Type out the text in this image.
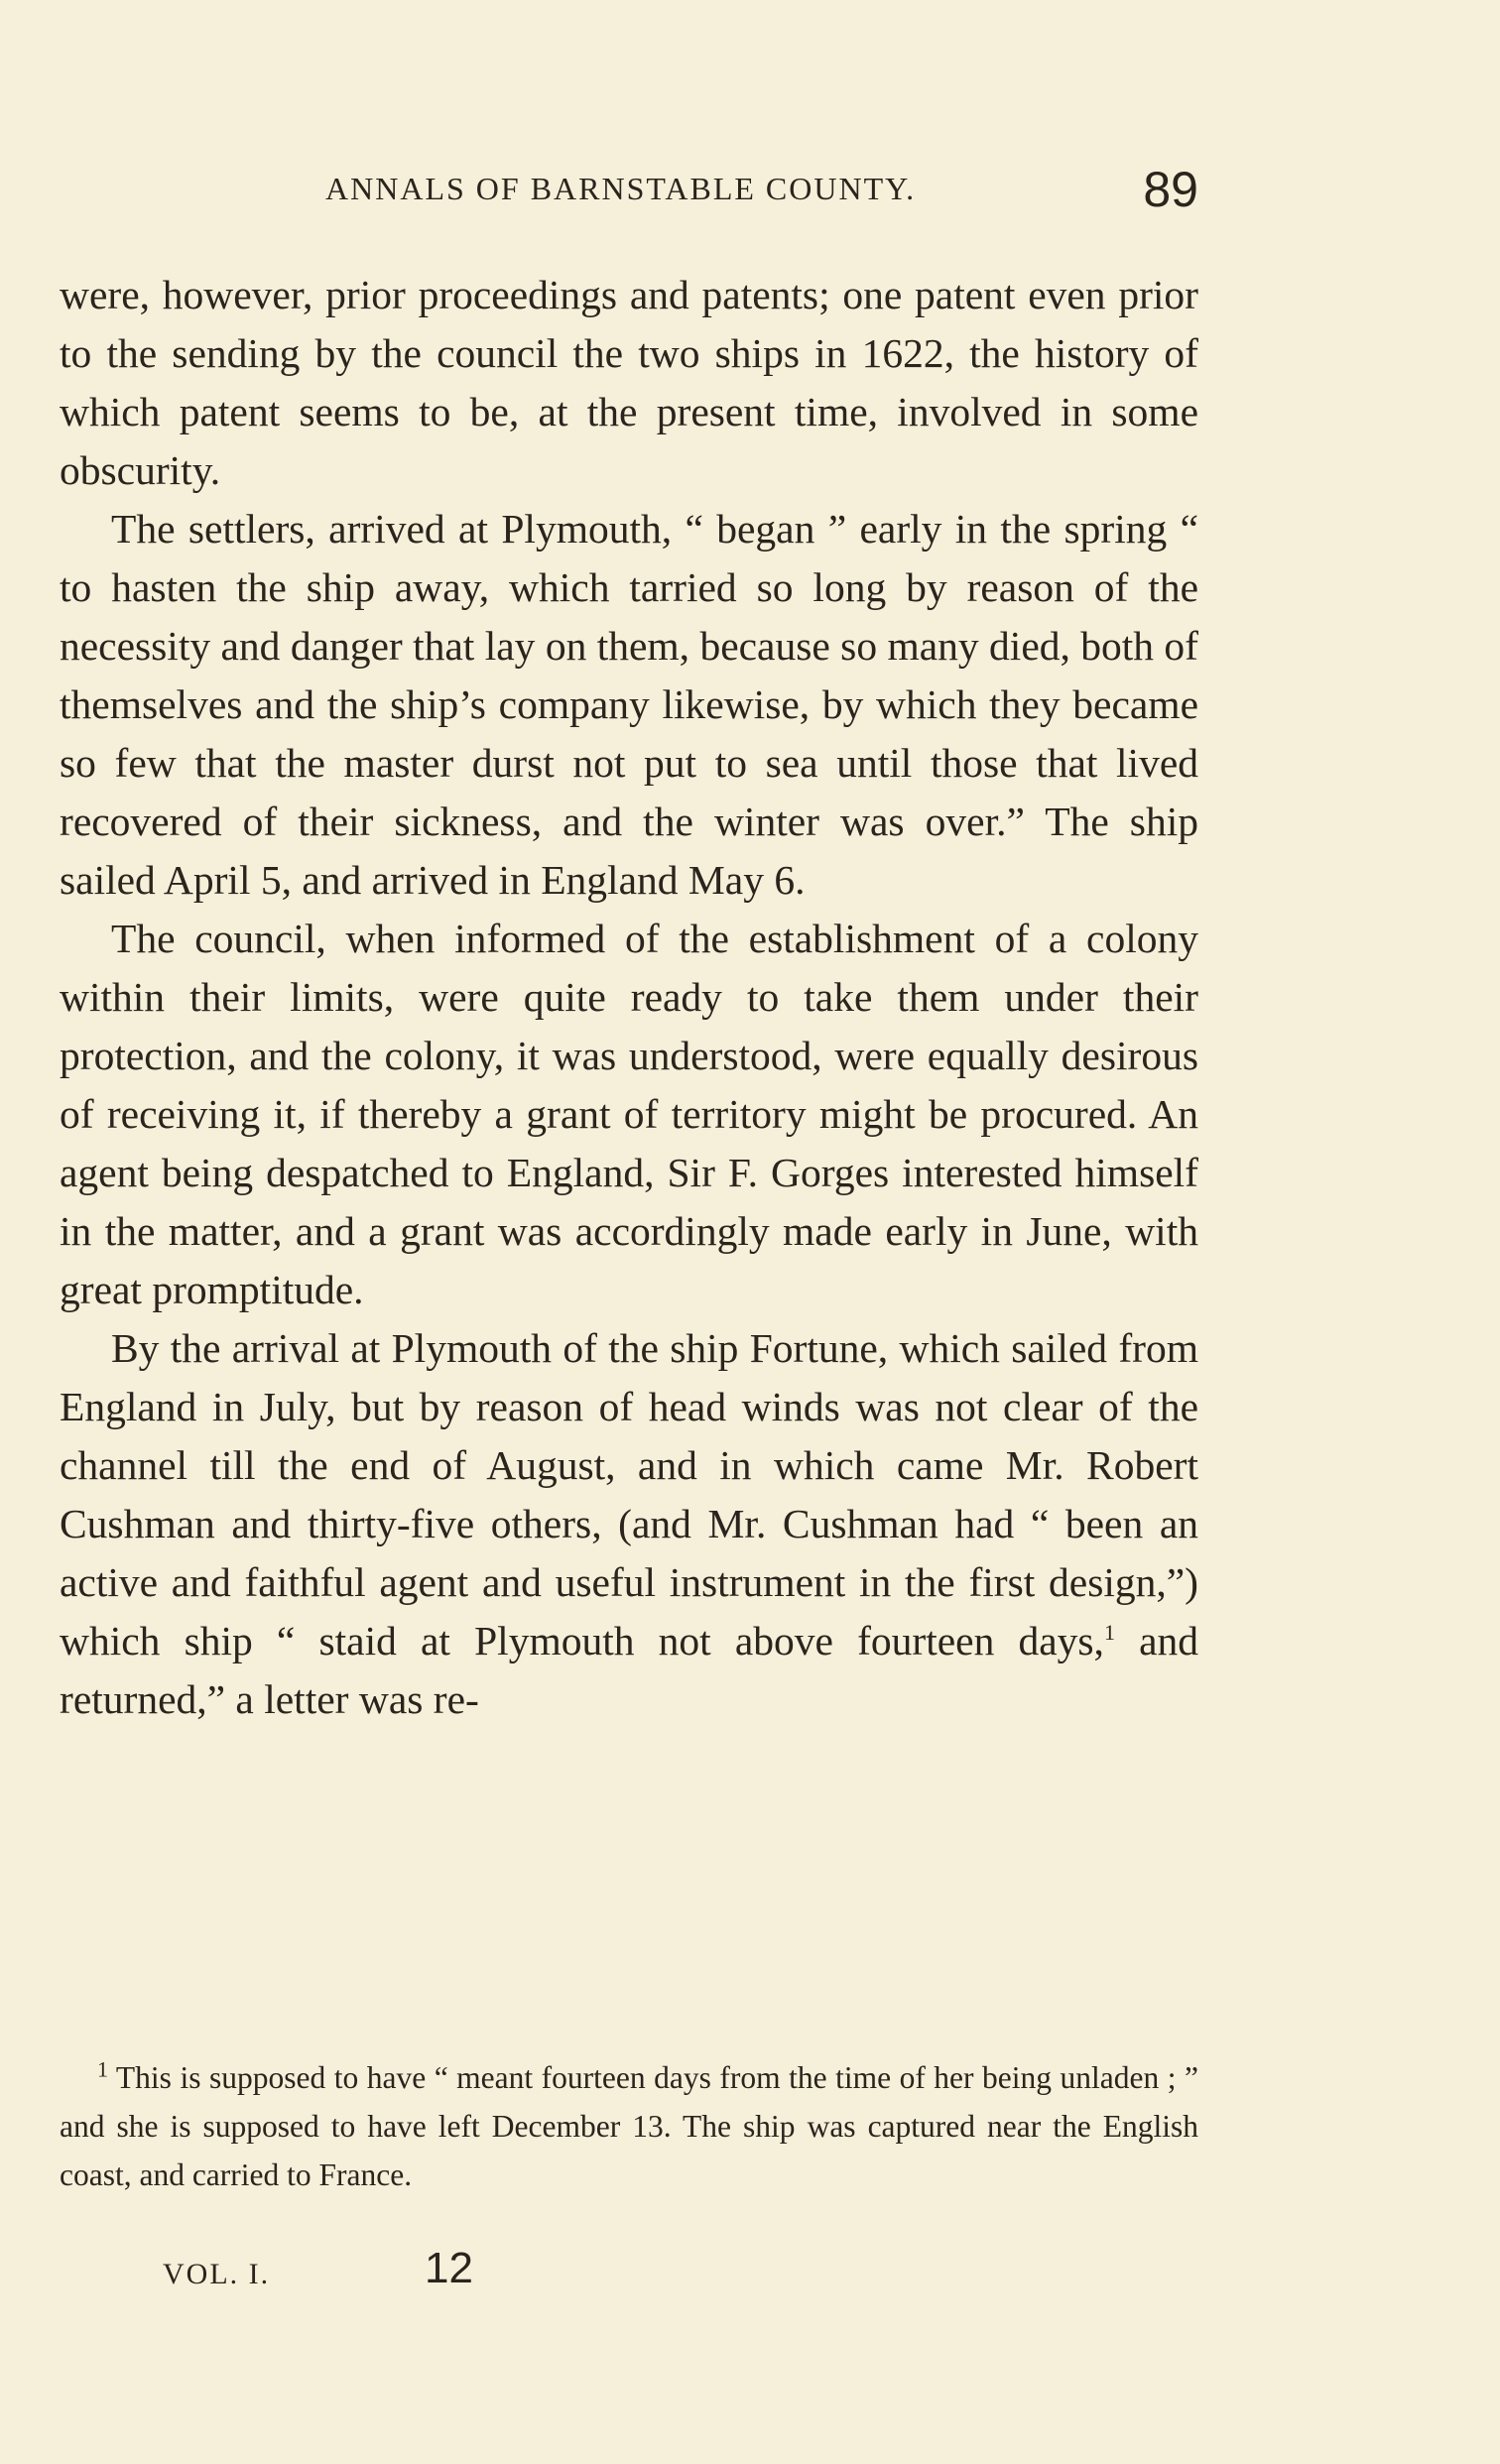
ANNALS OF BARNSTABLE COUNTY.	89

were, however, prior proceedings and patents; one patent even prior to the sending by the council the two ships in 1622, the history of which patent seems to be, at the present time, involved in some obscurity.

The settlers, arrived at Plymouth, “ began ” early in the spring “ to hasten the ship away, which tarried so long by reason of the necessity and danger that lay on them, because so many died, both of themselves and the ship’s company likewise, by which they became so few that the master durst not put to sea until those that lived recovered of their sickness, and the winter was over.” The ship sailed April 5, and arrived in England May 6.

The council, when informed of the establishment of a colony within their limits, were quite ready to take them under their protection, and the colony, it was understood, were equally desirous of receiving it, if thereby a grant of territory might be procured. An agent being despatched to England, Sir F. Gorges interested himself in the matter, and a grant was accordingly made early in June, with great promptitude.

By the arrival at Plymouth of the ship Fortune, which sailed from England in July, but by reason of head winds was not clear of the channel till the end of August, and in which came Mr. Robert Cushman and thirty-five others, (and Mr. Cushman had “ been an active and faithful agent and useful instrument in the first design,”) which ship “ staid at Plymouth not above fourteen days,$^1$ and returned,” a letter was re-

$^1$ This is supposed to have “ meant fourteen days from the time of her being unladen ; ” and she is supposed to have left December 13. The ship was captured near the English coast, and carried to France.

VOL. I.	12
